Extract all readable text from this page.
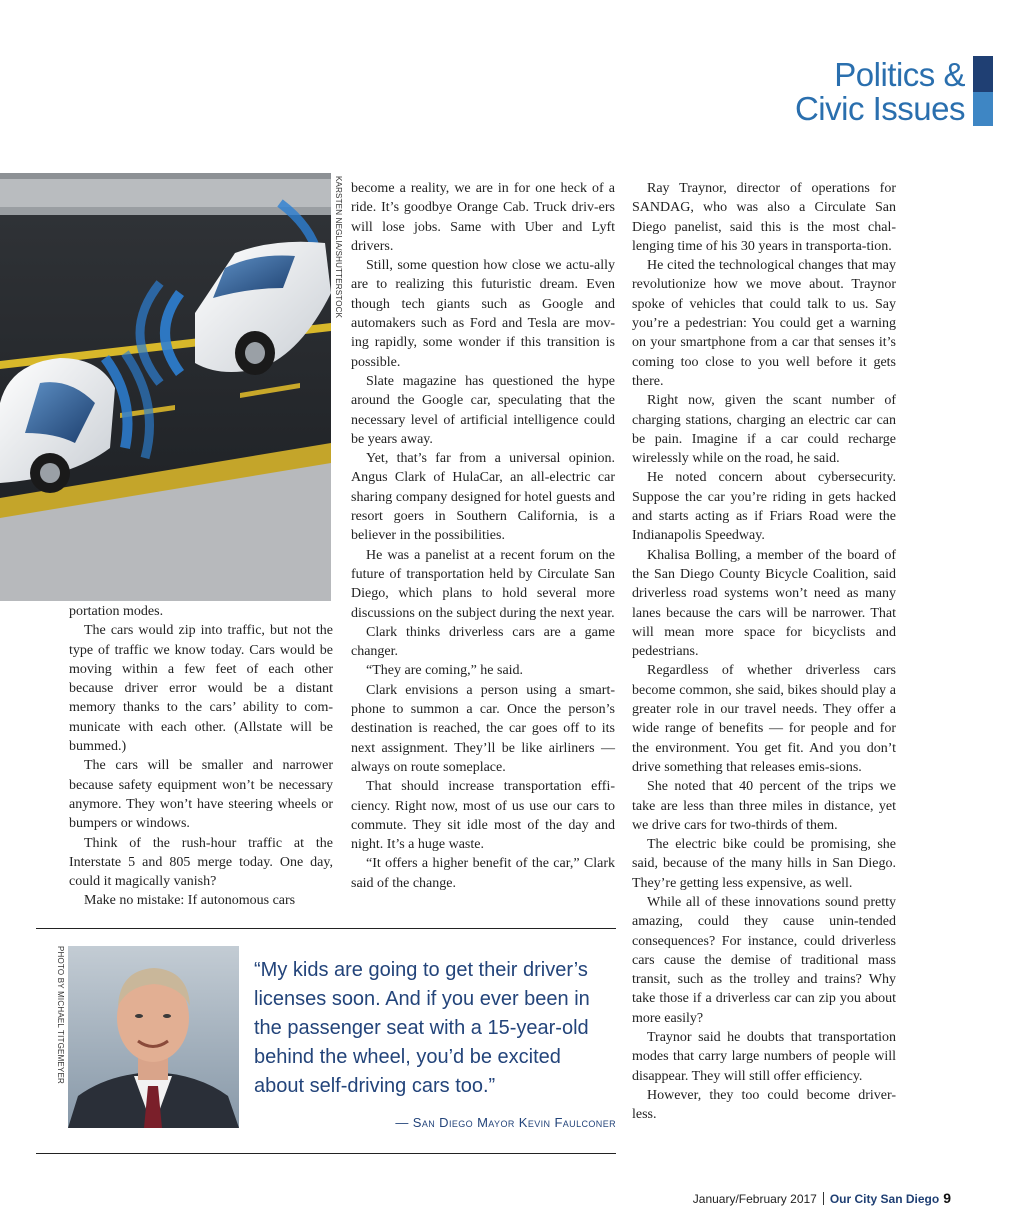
Politics &
Civic Issues
KARSTEN NEGLIA/SHUTTERSTOCK

portation modes.

The cars would zip into traffic, but not the type of traffic we know today. Cars would be moving within a few feet of each other because driver error would be a distant memory thanks to the cars’ ability to com-municate with each other. (Allstate will be bummed.)

The cars will be smaller and narrower because safety equipment won’t be necessary anymore. They won’t have steering wheels or bumpers or windows.

Think of the rush-hour traffic at the Interstate 5 and 805 merge today. One day, could it magically vanish?

Make no mistake: If autonomous cars

become a reality, we are in for one heck of a ride. It’s goodbye Orange Cab. Truck driv-ers will lose jobs. Same with Uber and Lyft drivers.

Still, some question how close we actu-ally are to realizing this futuristic dream. Even though tech giants such as Google and automakers such as Ford and Tesla are mov-ing rapidly, some wonder if this transition is possible.

Slate magazine has questioned the hype around the Google car, speculating that the necessary level of artificial intelligence could be years away.

Yet, that’s far from a universal opinion. Angus Clark of HulaCar, an all-electric car sharing company designed for hotel guests and resort goers in Southern California, is a believer in the possibilities.

He was a panelist at a recent forum on the future of transportation held by Circulate San Diego, which plans to hold several more discussions on the subject during the next year.

Clark thinks driverless cars are a game changer.

“They are coming,” he said.

Clark envisions a person using a smart-phone to summon a car. Once the person’s destination is reached, the car goes off to its next assignment. They’ll be like airliners — always on route someplace.

That should increase transportation effi-ciency. Right now, most of us use our cars to commute. They sit idle most of the day and night. It’s a huge waste.

“It offers a higher benefit of the car,” Clark said of the change.

Ray Traynor, director of operations for SANDAG, who was also a Circulate San Diego panelist, said this is the most chal-lenging time of his 30 years in transporta-tion.

He cited the technological changes that may revolutionize how we move about. Traynor spoke of vehicles that could talk to us. Say you’re a pedestrian: You could get a warning on your smartphone from a car that senses it’s coming too close to you well before it gets there.

Right now, given the scant number of charging stations, charging an electric car can be pain. Imagine if a car could recharge wirelessly while on the road, he said.

He noted concern about cybersecurity. Suppose the car you’re riding in gets hacked and starts acting as if Friars Road were the Indianapolis Speedway.

Khalisa Bolling, a member of the board of the San Diego County Bicycle Coalition, said driverless road systems won’t need as many lanes because the cars will be narrower. That will mean more space for bicyclists and pedestrians.

Regardless of whether driverless cars become common, she said, bikes should play a greater role in our travel needs. They offer a wide range of benefits — for people and for the environment. You get fit. And you don’t drive something that releases emis-sions.

She noted that 40 percent of the trips we take are less than three miles in distance, yet we drive cars for two-thirds of them.

The electric bike could be promising, she said, because of the many hills in San Diego. They’re getting less expensive, as well.

While all of these innovations sound pretty amazing, could they cause unin-tended consequences? For instance, could driverless cars cause the demise of traditional mass transit, such as the trolley and trains? Why take those if a driverless car can zip you about more easily?

Traynor said he doubts that transportation modes that carry large numbers of people will disappear. They will still offer efficiency.

However, they too could become driver-less.

PHOTO BY MICHAEL TITGEMEYER	“My kids are going to get their driver’s licenses soon. And if you ever been in the passenger seat with a 15-year-old behind the wheel, you’d be excited about self-driving cars too.”
— San Diego Mayor Kevin Faulconer
January/February 2017 Our City San Diego 9
